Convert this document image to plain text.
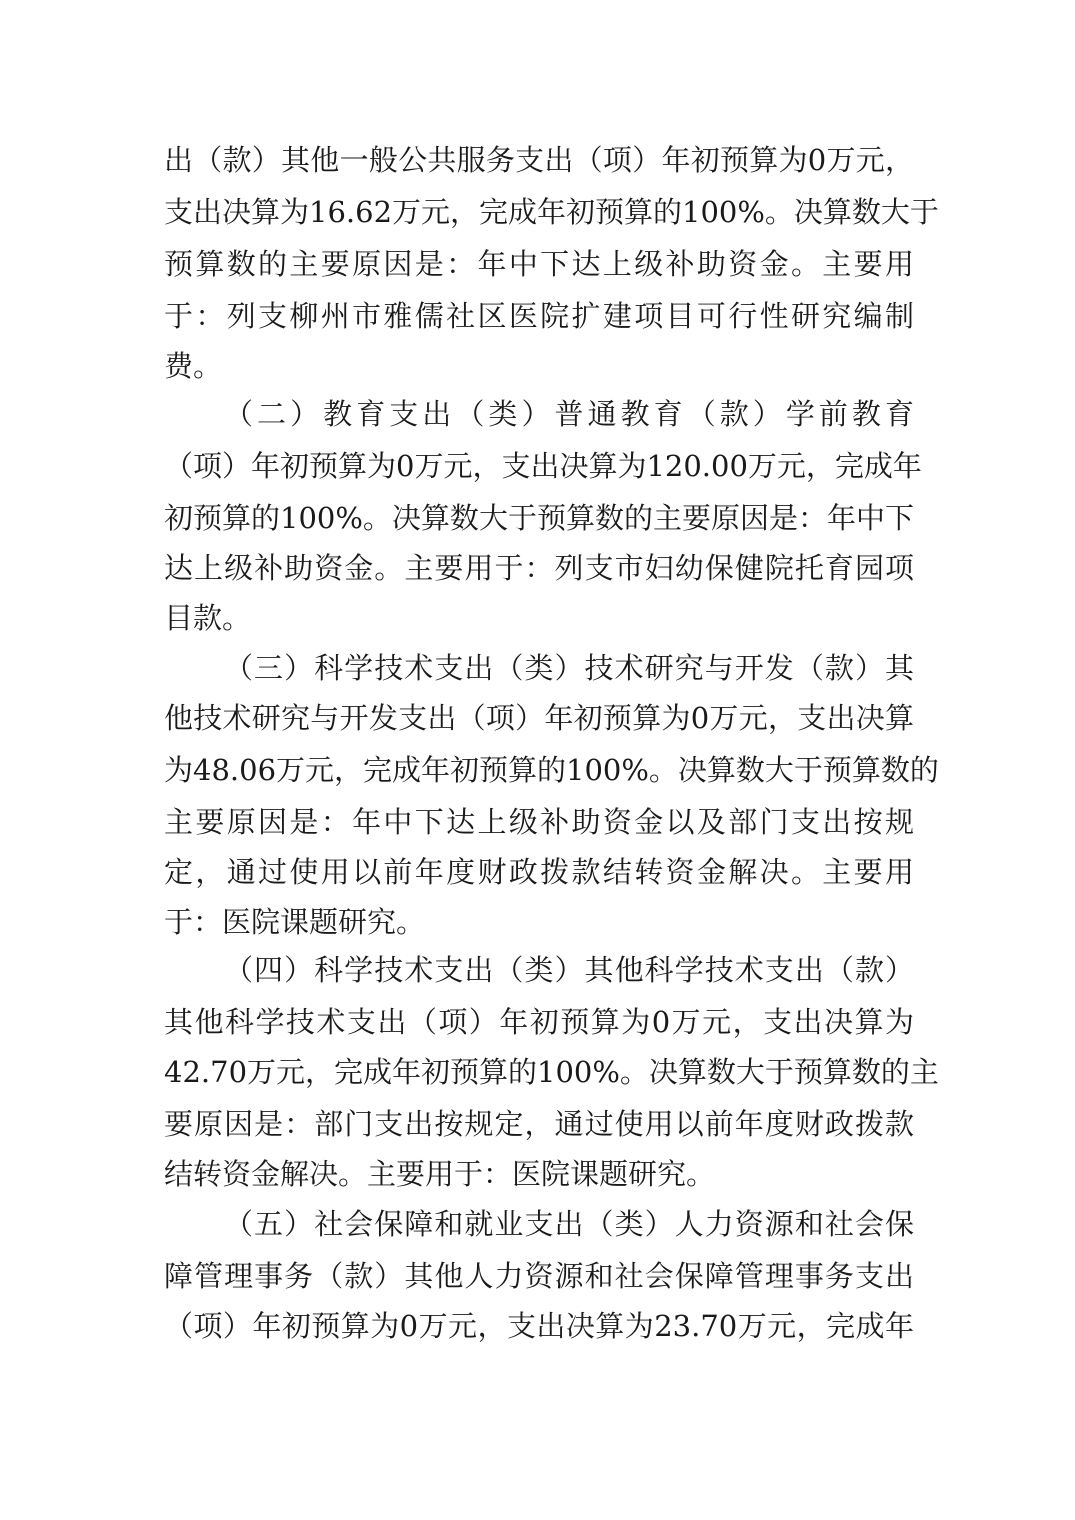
出（款）其他一般公共服务支出（项）年初预算为0万元，
支出决算为16.62万元，完成年初预算的100%。决算数大于
预算数的主要原因是：年中下达上级补助资金。主要用
于：列支柳州市雅儒社区医院扩建项目可行性研究编制
费。
（二）教育支出（类）普通教育（款）学前教育
（项）年初预算为0万元，支出决算为120.00万元，完成年
初预算的100%。决算数大于预算数的主要原因是：年中下
达上级补助资金。主要用于：列支市妇幼保健院托育园项
目款。
（三）科学技术支出（类）技术研究与开发（款）其
他技术研究与开发支出（项）年初预算为0万元，支出决算
为48.06万元，完成年初预算的100%。决算数大于预算数的
主要原因是：年中下达上级补助资金以及部门支出按规
定，通过使用以前年度财政拨款结转资金解决。主要用
于：医院课题研究。
（四）科学技术支出（类）其他科学技术支出（款）
其他科学技术支出（项）年初预算为0万元，支出决算为
42.70万元，完成年初预算的100%。决算数大于预算数的主
要原因是：部门支出按规定，通过使用以前年度财政拨款
结转资金解决。主要用于：医院课题研究。
（五）社会保障和就业支出（类）人力资源和社会保
障管理事务（款）其他人力资源和社会保障管理事务支出
（项）年初预算为0万元，支出决算为23.70万元，完成年
